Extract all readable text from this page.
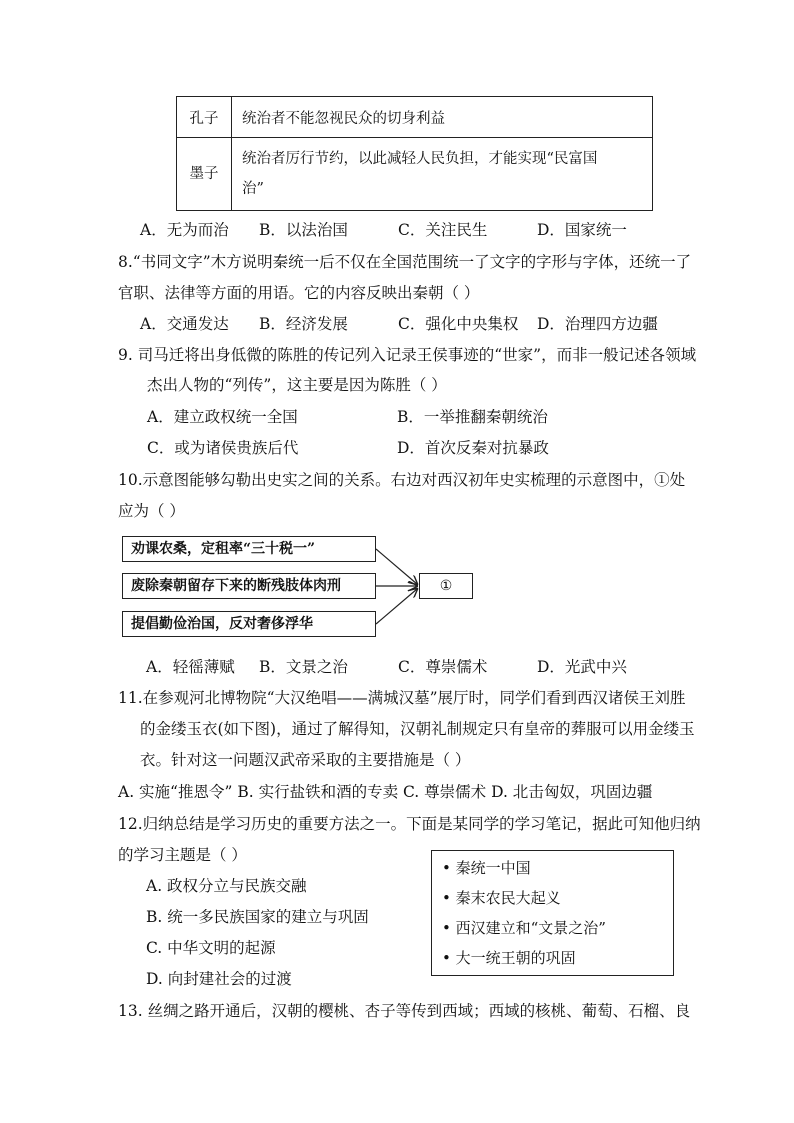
孔子	统治者不能忽视民众的切身利益
墨子	统治者厉行节约，以此减轻人民负担，才能实现“民富国
治”
A．无为而治 B．以法治国	C．关注民生	D．国家统一
8.“书同文字”木方说明秦统一后不仅在全国范围统一了文字的字形与字体，还统一了
官职、法律等方面的用语。它的内容反映出秦朝（ ）
A．交通发达 B．经济发展	C．强化中央集权 D．治理四方边疆
9. 司马迁将出身低微的陈胜的传记列入记录王侯事迹的“世家”，而非一般记述各领域
杰出人物的“列传”，这主要是因为陈胜（ ）
A．建立政权统一全国	B．一举推翻秦朝统治
C．或为诸侯贵族后代	D．首次反秦对抗暴政
10.示意图能够勾勒出史实之间的关系。右边对西汉初年史实梳理的示意图中，①处
应为（ ）
劝课农桑，定租率“三十税一”
废除秦朝留存下来的断残肢体肉刑
提倡勤俭治国，反对奢侈浮华
①
A．轻徭薄赋 B．文景之治	C．尊崇儒术	D．光武中兴
11.在参观河北博物院“大汉绝唱——满城汉墓”展厅时，同学们看到西汉诸侯王刘胜
的金缕玉衣(如下图)，通过了解得知，汉朝礼制规定只有皇帝的葬服可以用金缕玉
衣。针对这一问题汉武帝采取的主要措施是（ ）
A. 实施“推恩令” B. 实行盐铁和酒的专卖 C. 尊崇儒术 D. 北击匈奴，巩固边疆
12.归纳总结是学习历史的重要方法之一。下面是某同学的学习笔记，据此可知他归纳
的学习主题是（ ）
A. 政权分立与民族交融
B. 统一多民族国家的建立与巩固
C. 中华文明的起源
D. 向封建社会的过渡
• 秦统一中国
• 秦末农民大起义
• 西汉建立和“文景之治”
• 大一统王朝的巩固
13. 丝绸之路开通后，汉朝的樱桃、杏子等传到西域；西域的核桃、葡萄、石榴、良
